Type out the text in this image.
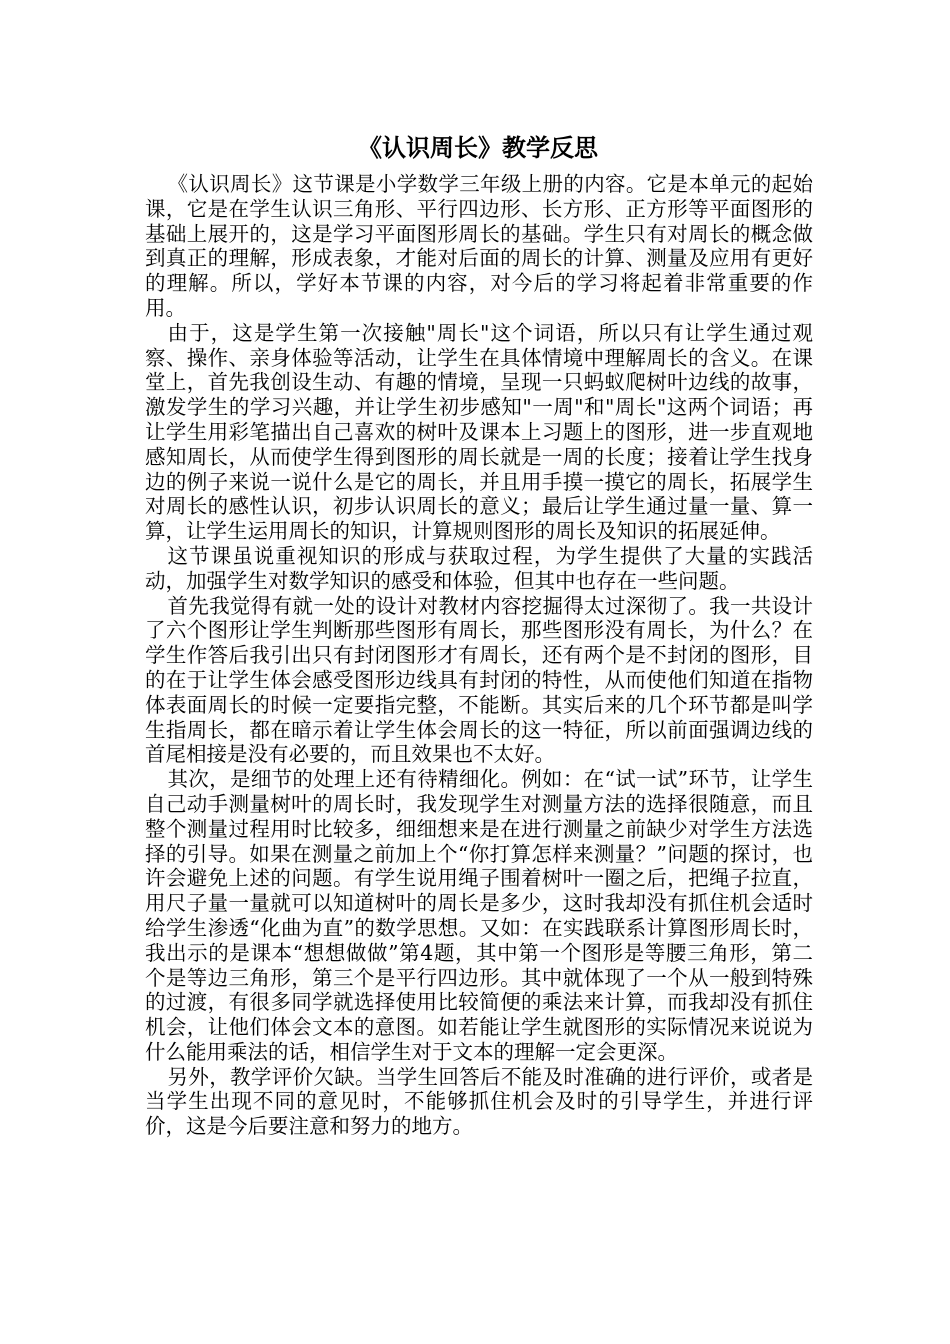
《认识周长》教学反思

《认识周长》这节课是小学数学三年级上册的内容。它是本单元的起始课，它是在学生认识三角形、平行四边形、长方形、正方形等平面图形的基础上展开的，这是学习平面图形周长的基础。学生只有对周长的概念做到真正的理解，形成表象，才能对后面的周长的计算、测量及应用有更好的理解。所以，学好本节课的内容，对今后的学习将起着非常重要的作用。

由于，这是学生第一次接触"周长"这个词语，所以只有让学生通过观察、操作、亲身体验等活动，让学生在具体情境中理解周长的含义。在课堂上，首先我创设生动、有趣的情境，呈现一只蚂蚁爬树叶边线的故事，激发学生的学习兴趣，并让学生初步感知"一周"和"周长"这两个词语；再让学生用彩笔描出自己喜欢的树叶及课本上习题上的图形，进一步直观地感知周长，从而使学生得到图形的周长就是一周的长度；接着让学生找身边的例子来说一说什么是它的周长，并且用手摸一摸它的周长，拓展学生对周长的感性认识，初步认识周长的意义；最后让学生通过量一量、算一算，让学生运用周长的知识，计算规则图形的周长及知识的拓展延伸。

这节课虽说重视知识的形成与获取过程，为学生提供了大量的实践活动，加强学生对数学知识的感受和体验，但其中也存在一些问题。

首先我觉得有就一处的设计对教材内容挖掘得太过深彻了。我一共设计了六个图形让学生判断那些图形有周长，那些图形没有周长，为什么？在学生作答后我引出只有封闭图形才有周长，还有两个是不封闭的图形，目的在于让学生体会感受图形边线具有封闭的特性，从而使他们知道在指物体表面周长的时候一定要指完整，不能断。其实后来的几个环节都是叫学生指周长，都在暗示着让学生体会周长的这一特征，所以前面强调边线的首尾相接是没有必要的，而且效果也不太好。

其次，是细节的处理上还有待精细化。例如：在“试一试”环节，让学生自己动手测量树叶的周长时，我发现学生对测量方法的选择很随意，而且整个测量过程用时比较多，细细想来是在进行测量之前缺少对学生方法选择的引导。如果在测量之前加上个“你打算怎样来测量？”问题的探讨，也许会避免上述的问题。有学生说用绳子围着树叶一圈之后，把绳子拉直，用尺子量一量就可以知道树叶的周长是多少，这时我却没有抓住机会适时给学生渗透“化曲为直”的数学思想。又如：在实践联系计算图形周长时，我出示的是课本“想想做做”第4题，其中第一个图形是等腰三角形，第二个是等边三角形，第三个是平行四边形。其中就体现了一个从一般到特殊的过渡，有很多同学就选择使用比较简便的乘法来计算，而我却没有抓住机会，让他们体会文本的意图。如若能让学生就图形的实际情况来说说为什么能用乘法的话，相信学生对于文本的理解一定会更深。

另外，教学评价欠缺。当学生回答后不能及时准确的进行评价，或者是当学生出现不同的意见时，不能够抓住机会及时的引导学生，并进行评价，这是今后要注意和努力的地方。
